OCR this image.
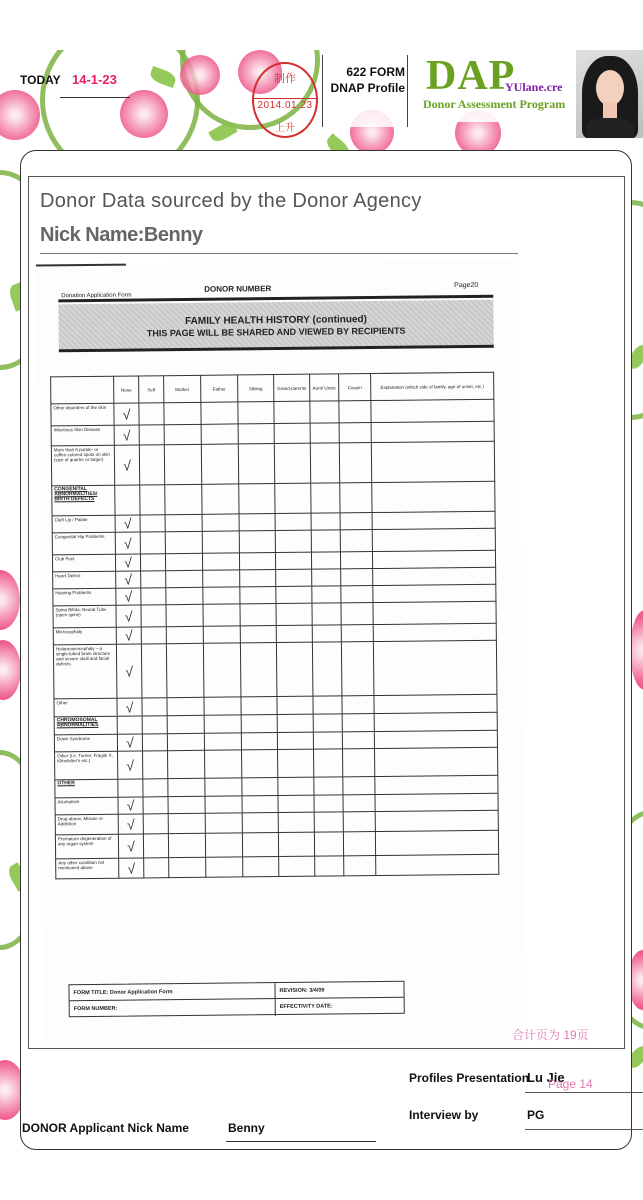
TODAY 14-1-23	制作
2014.01.23
上升
622 FORM
DNAP Profile DAP
YUlane.cre
Donor Assessment Program
Donor Data sourced by the Donor Agency
Nick Name:Benny
Donation Application Form
DONOR NUMBER	Page20
FAMILY HEALTH HISTORY (continued)
THIS PAGE WILL BE SHARED AND VIEWED BY RECIPIENTS
	None	Self	Mother	Father	Sibling	Grand-parents	Aunt/ Uncle	Cousin	Explanation (which side of family, age of onset, etc.)
Other disorders of the skin	√								
Infectious Skin Disease	√								
More than 6 purple- or coffee-colored spots on skin (size of quarter or larger)	√								
CONGENITAL ABNORMALITIES/ BIRTH DEFECTS									
Cleft Lip / Palate	√								
Congenital Hip Problems	√								
Club Feet	√								
Heart Defect	√								
Hearing Problems	√								
Spina Bifida: Neural Tube (open spine)	√								
Microcephaly	√								
Holoprosencephaly – a single-lobed brain structure and severe skull and facial defects	√								
Other	√								
CHROMOSOMAL ABNORMALITIES									
Down Syndrome	√								
Other (i.e. Turner, Fragile X, Klinefelter's etc.)	√								
OTHER									
Alcoholism	√								
Drug abuse, Misuse or Addiction	√								
Premature degeneration of any organ system	√								
Any other condition not mentioned above	√								
FORM TITLE: Donor Application Form	REVISION: 3/4/09
FORM NUMBER:	EFFECTIVITY DATE:
合计页为 19页
Profiles Presentation
Lu Jie
Page 14
Interview by	PG
DONOR Applicant Nick Name	Benny
